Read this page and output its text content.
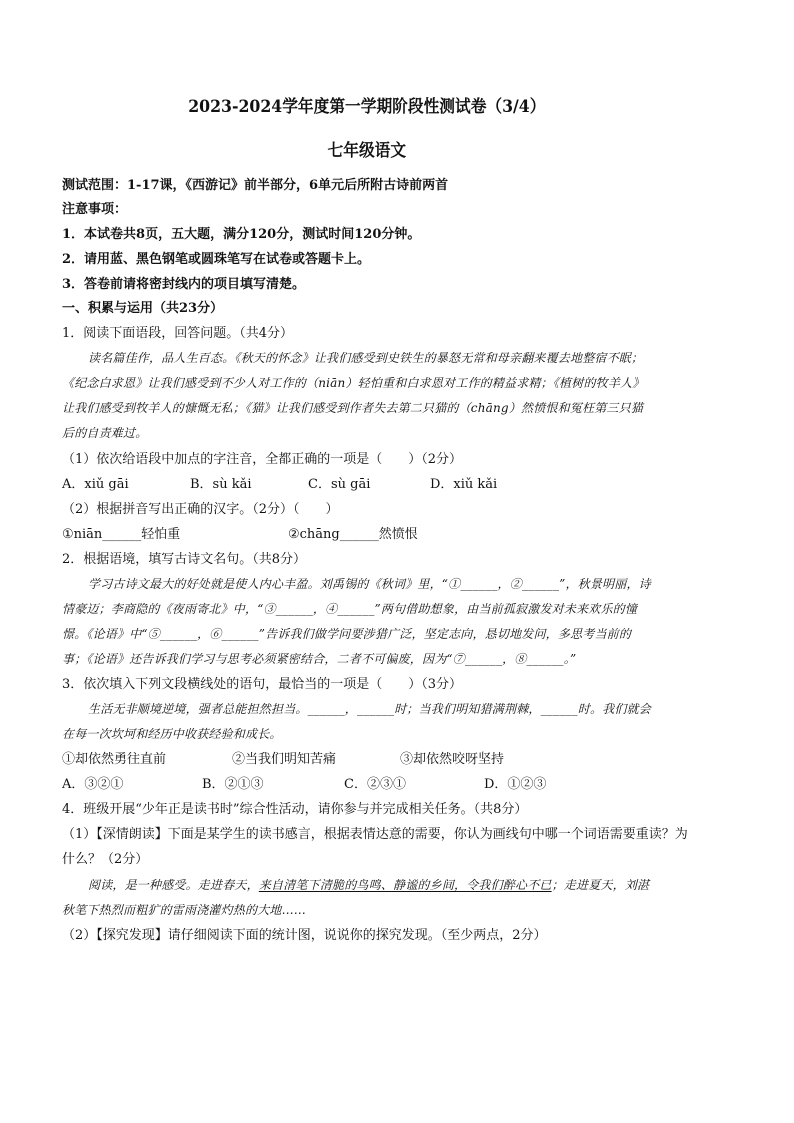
2023-2024学年度第一学期阶段性测试卷（3/4）
七年级语文
测试范围：1-17课，《西游记》前半部分，6单元后所附古诗前两首
注意事项：
1．本试卷共8页，五大题，满分120分，测试时间120分钟。
2．请用蓝、黑色钢笔或圆珠笔写在试卷或答题卡上。
3．答卷前请将密封线内的项目填写清楚。
一、积累与运用（共23分）
1．阅读下面语段，回答问题。（共4分）
读名篇佳作，品人生百态。《秋天的怀念》让我们感受到史铁生的暴怒无常和母亲翻来覆去地整宿不眠；
《纪念白求恩》让我们感受到不少人对工作的（niān）轻怕重和白求恩对工作的精益求精；《植树的牧羊人》
让我们感受到牧羊人的慷慨无私；《猫》让我们感受到作者失去第二只猫的（chāng）然愤恨和冤枉第三只猫
后的自责难过。
（1）依次给语段中加点的字注音，全都正确的一项是（　　）（2分）
A．xiǔ gāi	B．sù kǎi	C．sù gāi	D．xiǔ kǎi
（2）根据拼音写出正确的汉字。（2分）（　　）
①niān______轻怕重	②chāng______然愤恨
2．根据语境，填写古诗文名句。（共8分）
学习古诗文最大的好处就是使人内心丰盈。刘禹锡的《秋词》里，“①______，②______”，秋景明丽，诗
情豪迈；李商隐的《夜雨寄北》中，“③______，④______”两句借助想象，由当前孤寂激发对未来欢乐的憧
憬。《论语》中“⑤______，⑥______”告诉我们做学问要涉猎广泛，坚定志向，恳切地发问，多思考当前的
事；《论语》还告诉我们学习与思考必须紧密结合，二者不可偏废，因为“⑦______，⑧______。”
3．依次填入下列文段横线处的语句，最恰当的一项是（　　）（3分）
生活无非顺境逆境，强者总能担然担当。______，______时；当我们明知猎满荆棘，______时。我们就会
在每一次坎坷和经历中收获经验和成长。
①却依然勇往直前	②当我们明知苦痛	③却依然咬呀坚持
A．③②①	B．②①③	C．②③①	D．①②③
4．班级开展“少年正是读书时”综合性活动，请你参与并完成相关任务。（共8分）
（1）【深情朗读】下面是某学生的读书感言，根据表情达意的需要，你认为画线句中哪一个词语需要重读？为
什么？（2分）
阅读，是一种感受。走进春天，来自清笔下清脆的鸟鸣、静谧的乡间，令我们醉心不已；走进夏天，刘湛
秋笔下热烈而粗犷的雷雨浇灌灼热的大地……
（2）【探究发现】请仔细阅读下面的统计图，说说你的探究发现。（至少两点，2分）
